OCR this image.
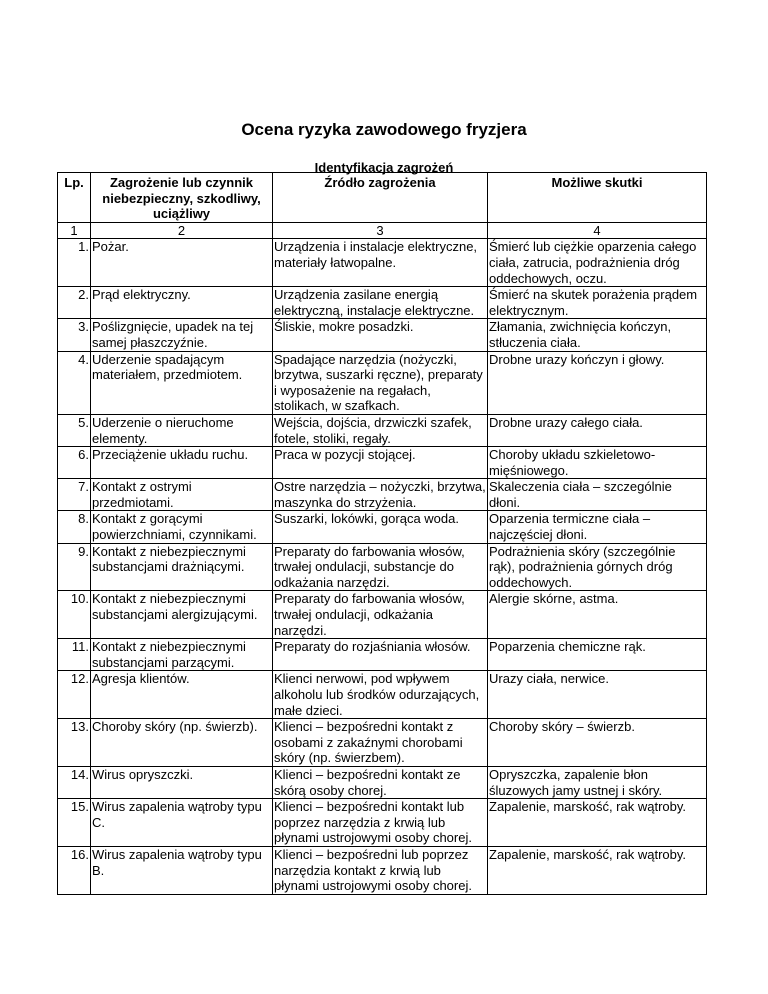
Ocena ryzyka zawodowego fryzjera
Identyfikacja zagrożeń
Lp.	Zagrożenie lub czynnik niebezpieczny, szkodliwy, uciążliwy	Źródło zagrożenia	Możliwe skutki
1	2	3	4
1.	Pożar.	Urządzenia i instalacje elektryczne, materiały łatwopalne.	Śmierć lub ciężkie oparzenia całego ciała, zatrucia, podrażnienia dróg oddechowych, oczu.
2.	Prąd elektryczny.	Urządzenia zasilane energią elektryczną, instalacje elektryczne.	Śmierć na skutek porażenia prądem elektrycznym.
3.	Poślizgnięcie, upadek na tej samej płaszczyźnie.	Śliskie, mokre posadzki.	Złamania, zwichnięcia kończyn, stłuczenia ciała.
4.	Uderzenie spadającym materiałem, przedmiotem.	Spadające narzędzia (nożyczki, brzytwa, suszarki ręczne), preparaty i wyposażenie na regałach, stolikach, w szafkach.	Drobne urazy kończyn i głowy.
5.	Uderzenie o nieruchome elementy.	Wejścia, dojścia, drzwiczki szafek, fotele, stoliki, regały.	Drobne urazy całego ciała.
6.	Przeciążenie układu ruchu.	Praca w pozycji stojącej.	Choroby układu szkieletowo-mięśniowego.
7.	Kontakt z ostrymi przedmiotami.	Ostre narzędzia – nożyczki, brzytwa, maszynka do strzyżenia.	Skaleczenia ciała – szczególnie dłoni.
8.	Kontakt z gorącymi powierzchniami, czynnikami.	Suszarki, lokówki, gorąca woda.	Oparzenia termiczne ciała – najczęściej dłoni.
9.	Kontakt z niebezpiecznymi substancjami drażniącymi.	Preparaty do farbowania włosów, trwałej ondulacji, substancje do odkażania narzędzi.	Podrażnienia skóry (szczególnie rąk), podrażnienia górnych dróg oddechowych.
10.	Kontakt z niebezpiecznymi substancjami alergizującymi.	Preparaty do farbowania włosów, trwałej ondulacji, odkażania narzędzi.	Alergie skórne, astma.
11.	Kontakt z niebezpiecznymi substancjami parzącymi.	Preparaty do rozjaśniania włosów.	Poparzenia chemiczne rąk.
12.	Agresja klientów.	Klienci nerwowi, pod wpływem alkoholu lub środków odurzających, małe dzieci.	Urazy ciała, nerwice.
13.	Choroby skóry (np. świerzb).	Klienci – bezpośredni kontakt z osobami z zakaźnymi chorobami skóry (np. świerzbem).	Choroby skóry – świerzb.
14.	Wirus opryszczki.	Klienci – bezpośredni kontakt ze skórą osoby chorej.	Opryszczka, zapalenie błon śluzowych jamy ustnej i skóry.
15.	Wirus zapalenia wątroby typu C.	Klienci – bezpośredni kontakt lub poprzez narzędzia z krwią lub płynami ustrojowymi osoby chorej.	Zapalenie, marskość, rak wątroby.
16.	Wirus zapalenia wątroby typu B.	Klienci – bezpośredni lub poprzez narzędzia kontakt z krwią lub płynami ustrojowymi osoby chorej.	Zapalenie, marskość, rak wątroby.
